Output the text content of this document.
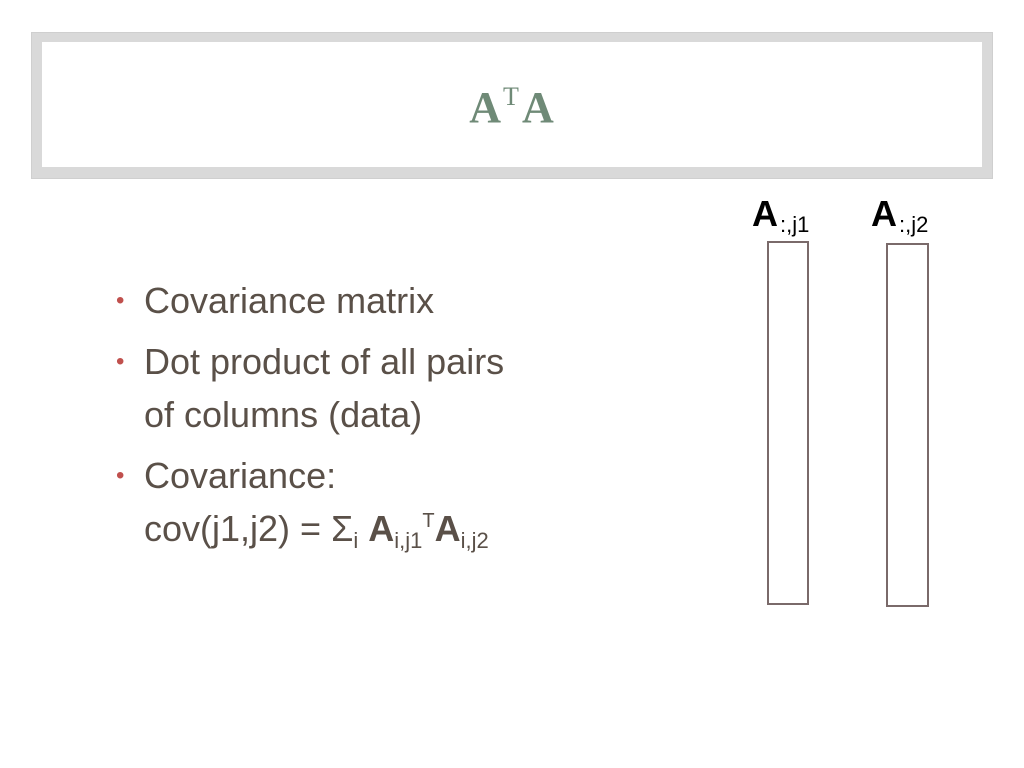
$A^TA$
• Covariance matrix
• Dot product of all pairs
of columns (data)
• Covariance:
$cov(j1,j2) = \Sigma_i$ $A_{i,j1}^TA_{i,j2}$
$A_{:,j1}$ $A_{:,j2}$
